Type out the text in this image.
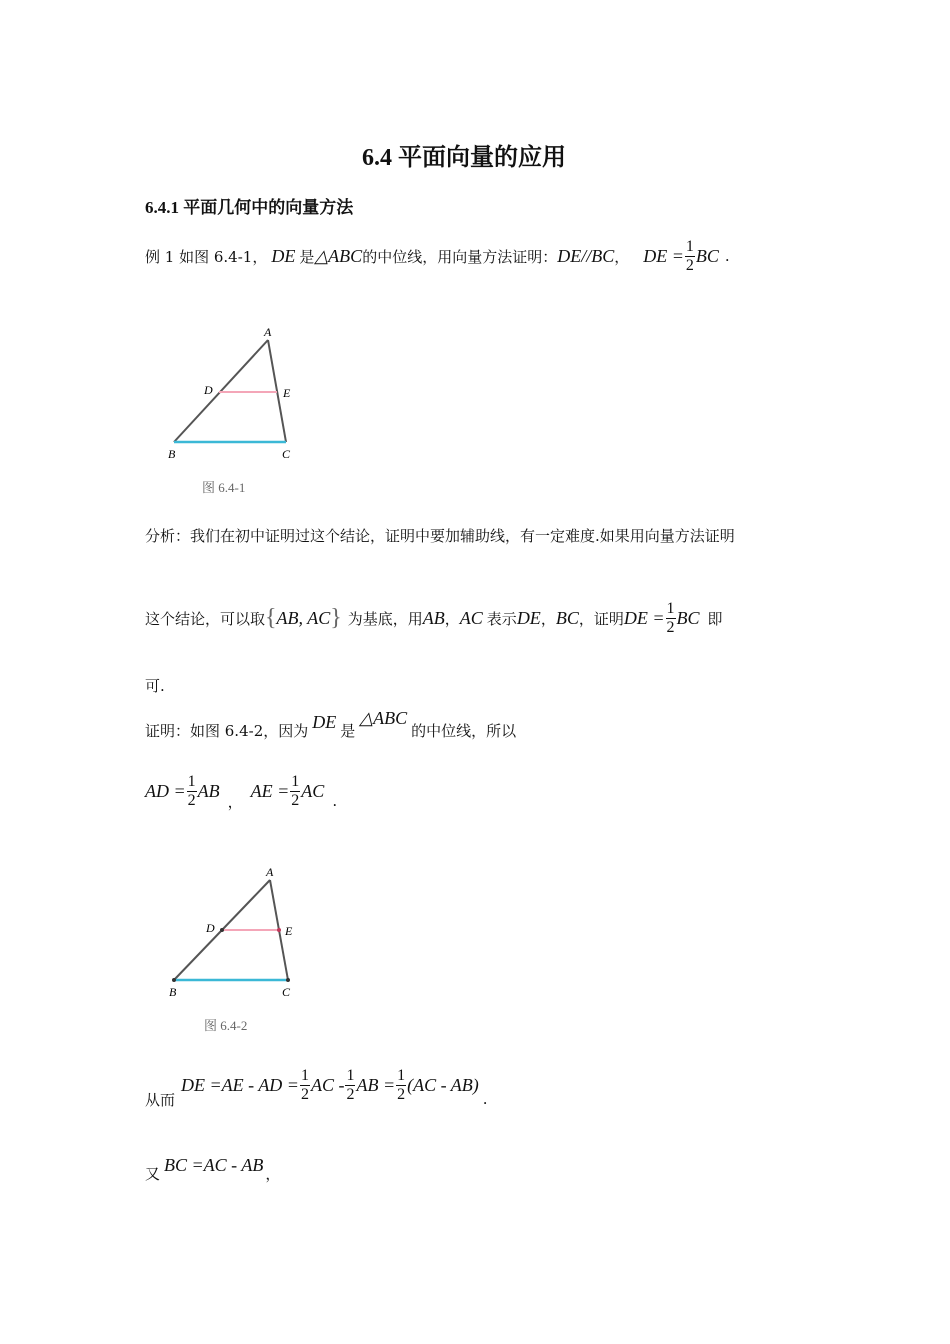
6.4 平面向量的应用
6.4.1 平面几何中的向量方法
例 1 如图 6.4-1， DE 是 △ABC 的中位线，用向量方法证明： DE//BC ， DE = $\frac{1}{2}$ BC .
A
D	E
B	C
图 6.4-1
分析：我们在初中证明过这个结论，证明中要加辅助线，有一定难度.如果用向量方法证明
这个结论，可以取 { AB, AC } 为基底，用 AB ， AC 表示 DE ， BC ，证明 DE = $\frac{1}{2}$ BC 即
可.
证明：如图 6.4-2，因为 DE 是
△ABC
的中位线，所以
AD = $\frac{1}{2}$ AB
，
AE = $\frac{1}{2}$ AC
.
A
D	E
B	C
图 6.4-2
从而
DE =AE - AD = $\frac{1}{2}$ AC - $\frac{1}{2}$ AB = $\frac{1}{2} (AC - AB)$
.
又 BC =AC - AB ，
